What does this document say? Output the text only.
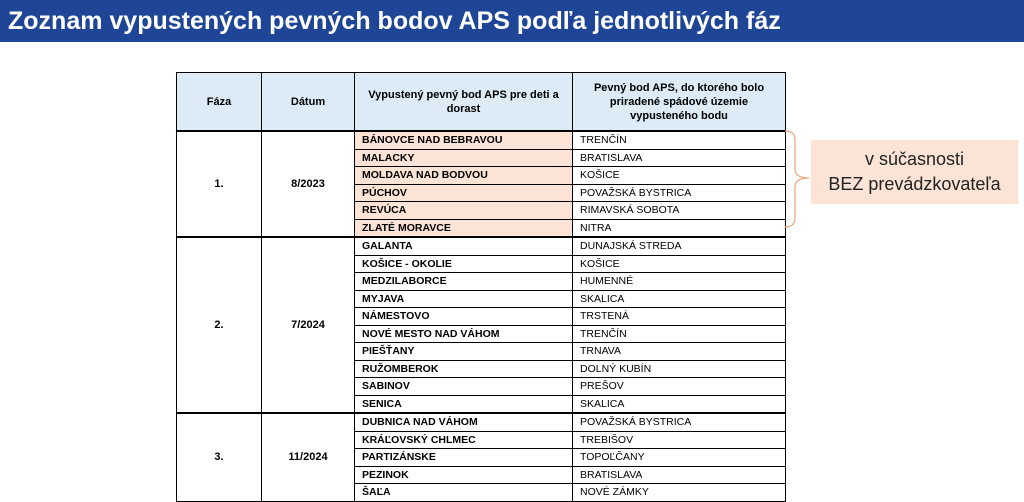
Zoznam vypustených pevných bodov APS podľa jednotlivých fáz
Fáza	Dátum	Vypustený pevný bod APS pre deti a dorast	Pevný bod APS, do ktorého bolo priradené spádové územie vypusteného bodu
1.	8/2023	BÁNOVCE NAD BEBRAVOU	TRENČÍN
		MALACKY	BRATISLAVA
		MOLDAVA NAD BODVOU	KOŠICE
		PÚCHOV	POVAŽSKÁ BYSTRICA
		REVÚCA	RIMAVSKÁ SOBOTA
		ZLATÉ MORAVCE	NITRA
2.	7/2024	GALANTA	DUNAJSKÁ STREDA
		KOŠICE - OKOLIE	KOŠICE
		MEDZILABORCE	HUMENNÉ
		MYJAVA	SKALICA
		NÁMESTOVO	TRSTENÁ
		NOVÉ MESTO NAD VÁHOM	TRENČÍN
		PIEŠŤANY	TRNAVA
		RUŽOMBEROK	DOLNÝ KUBÍN
		SABINOV	PREŠOV
		SENICA	SKALICA
3.	11/2024	DUBNICA NAD VÁHOM	POVAŽSKÁ BYSTRICA
		KRÁĽOVSKÝ CHLMEC	TREBIŠOV
		PARTIZÁNSKE	TOPOĽČANY
		PEZINOK	BRATISLAVA
		ŠAĽA	NOVÉ ZÁMKY
v súčasnosti
BEZ prevádzkovateľa
